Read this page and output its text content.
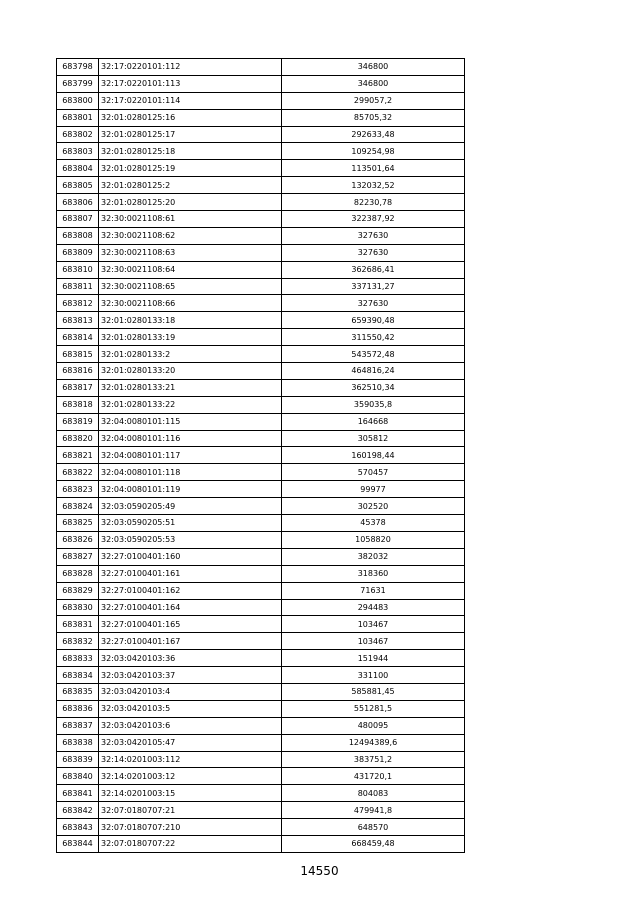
683798	32:17:0220101:112	346800
683799	32:17:0220101:113	346800
683800	32:17:0220101:114	299057,2
683801	32:01:0280125:16	85705,32
683802	32:01:0280125:17	292633,48
683803	32:01:0280125:18	109254,98
683804	32:01:0280125:19	113501,64
683805	32:01:0280125:2	132032,52
683806	32:01:0280125:20	82230,78
683807	32:30:0021108:61	322387,92
683808	32:30:0021108:62	327630
683809	32:30:0021108:63	327630
683810	32:30:0021108:64	362686,41
683811	32:30:0021108:65	337131,27
683812	32:30:0021108:66	327630
683813	32:01:0280133:18	659390,48
683814	32:01:0280133:19	311550,42
683815	32:01:0280133:2	543572,48
683816	32:01:0280133:20	464816,24
683817	32:01:0280133:21	362510,34
683818	32:01:0280133:22	359035,8
683819	32:04:0080101:115	164668
683820	32:04:0080101:116	305812
683821	32:04:0080101:117	160198,44
683822	32:04:0080101:118	570457
683823	32:04:0080101:119	99977
683824	32:03:0590205:49	302520
683825	32:03:0590205:51	45378
683826	32:03:0590205:53	1058820
683827	32:27:0100401:160	382032
683828	32:27:0100401:161	318360
683829	32:27:0100401:162	71631
683830	32:27:0100401:164	294483
683831	32:27:0100401:165	103467
683832	32:27:0100401:167	103467
683833	32:03:0420103:36	151944
683834	32:03:0420103:37	331100
683835	32:03:0420103:4	585881,45
683836	32:03:0420103:5	551281,5
683837	32:03:0420103:6	480095
683838	32:03:0420105:47	12494389,6
683839	32:14:0201003:112	383751,2
683840	32:14:0201003:12	431720,1
683841	32:14:0201003:15	804083
683842	32:07:0180707:21	479941,8
683843	32:07:0180707:210	648570
683844	32:07:0180707:22	668459,48
14550
